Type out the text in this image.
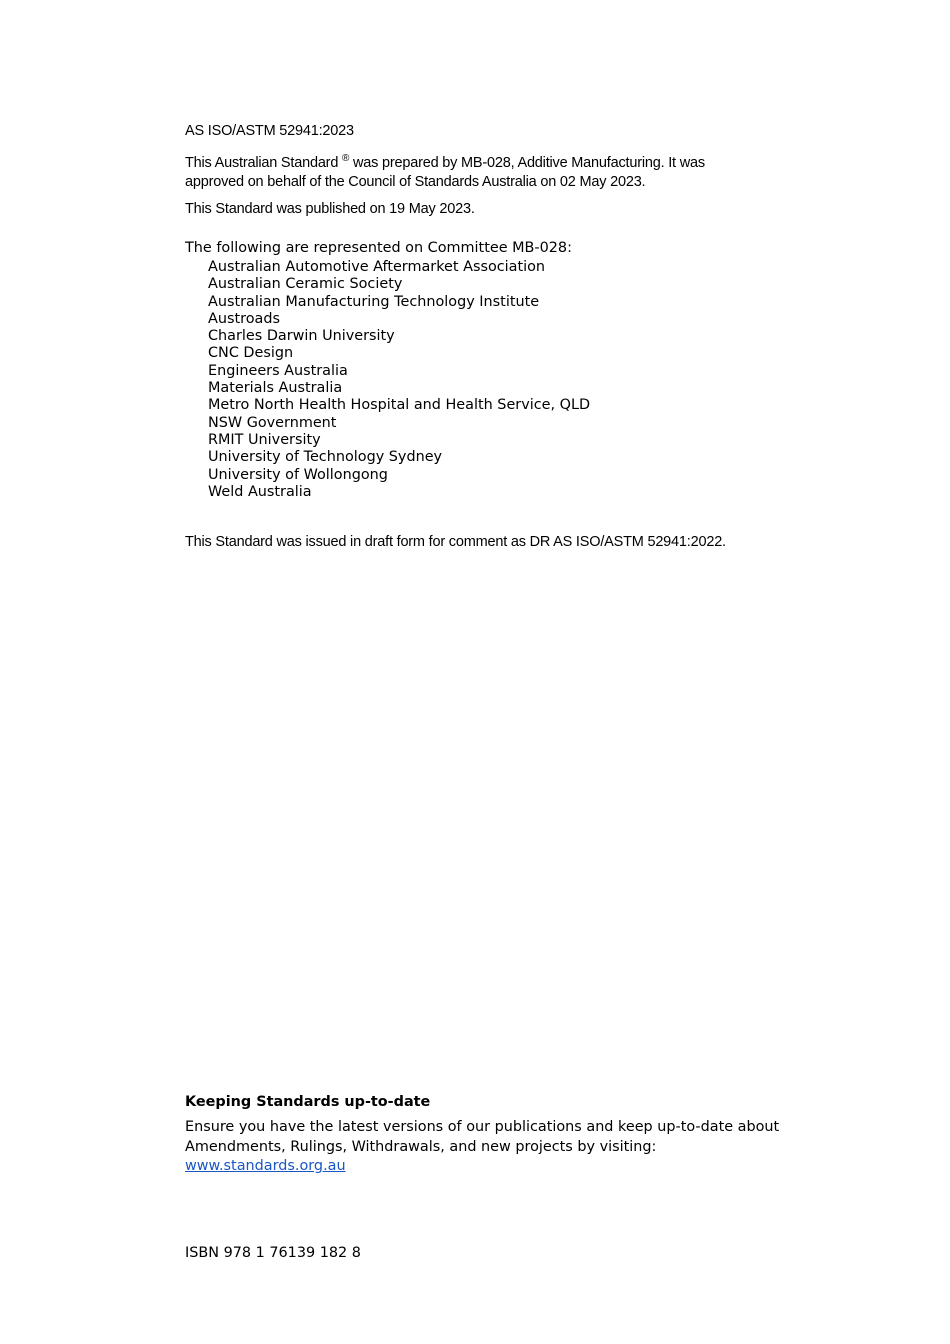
AS ISO/ASTM 52941:2023
This Australian Standard ® was prepared by MB-028, Additive Manufacturing. It was approved on behalf of the Council of Standards Australia on 02 May 2023.
This Standard was published on 19 May 2023.
The following are represented on Committee MB-028:
Australian Automotive Aftermarket Association
Australian Ceramic Society
Australian Manufacturing Technology Institute
Austroads
Charles Darwin University
CNC Design
Engineers Australia
Materials Australia
Metro North Health Hospital and Health Service, QLD
NSW Government
RMIT University
University of Technology Sydney
University of Wollongong
Weld Australia
This Standard was issued in draft form for comment as DR AS ISO/ASTM 52941:2022.
Keeping Standards up-to-date
Ensure you have the latest versions of our publications and keep up-to-date about Amendments, Rulings, Withdrawals, and new projects by visiting:
www.standards.org.au
ISBN 978 1 76139 182 8
